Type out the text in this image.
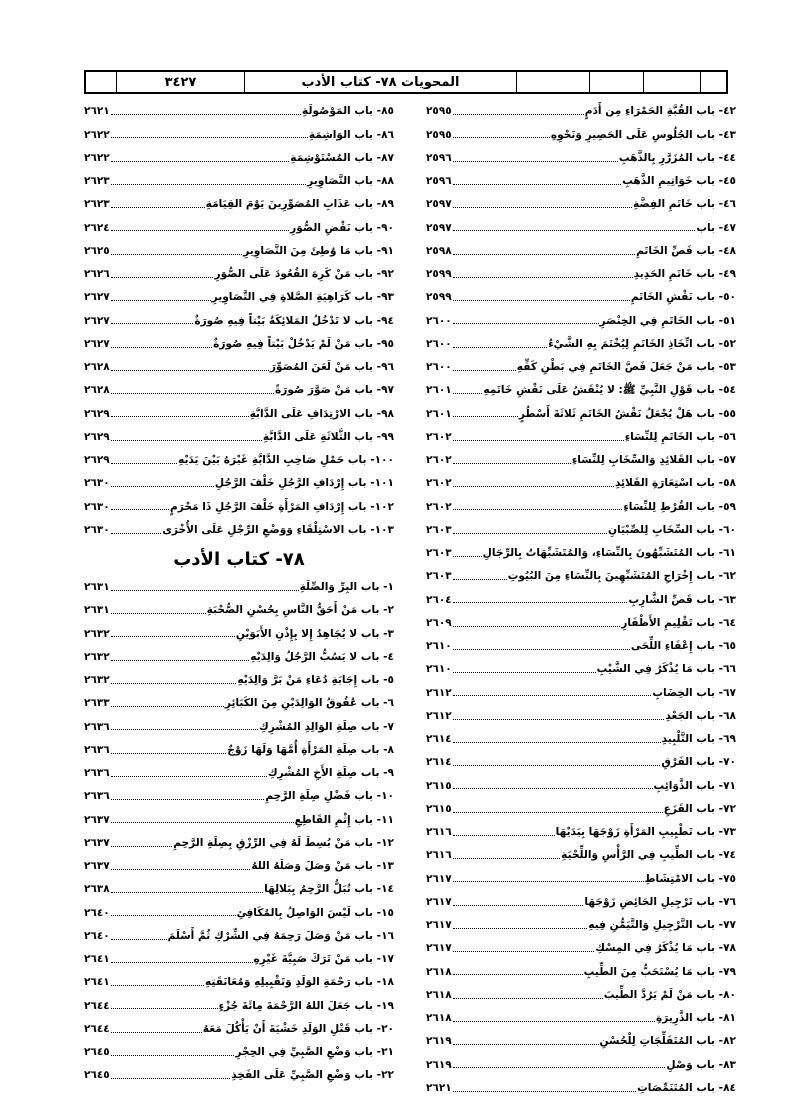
٣٤٢٧	المحويات ٧٨- كتاب الأدب
٤٢- باب القُبَّةِ الحَمْرَاءِ مِن أَدَمٍ
٢٥٩٥
٤٣- باب الجُلُوسِ عَلَى الحَصِيرِ وَنَحْوِهِ
٢٥٩٥
٤٤- باب المُزَرَّرِ بِالذَّهَبِ
٢٥٩٦
٤٥- باب خَوَاتِيمِ الذَّهَبِ
٢٥٩٦
٤٦- باب خَاتَمِ الفِضَّةِ
٢٥٩٧
٤٧- باب
٢٥٩٧
٤٨- باب فَصِّ الخَاتَمِ
٢٥٩٨
٤٩- باب خَاتَمِ الحَدِيدِ
٢٥٩٩
٥٠- باب نَقْشِ الخَاتَمِ
٢٥٩٩
٥١- باب الخَاتَمِ فِي الخِنْصَرِ
٢٦٠٠
٥٢- باب اتِّخَاذِ الخَاتَمِ لِيُخْتَمَ بِهِ الشَّيْءُ
٢٦٠٠
٥٣- باب مَنْ جَعَلَ فَصَّ الخَاتَمِ فِي بَطْنِ كَفِّهِ
٢٦٠٠
٥٤- باب قَوْلِ النَّبِيِّ ﷺ: لا يُنْقَشُ عَلَى نَقْشِ خَاتَمِهِ
٢٦٠١
٥٥- باب هَلْ يُجْعَلُ نَقْشُ الخَاتَمِ ثَلاثَةَ أَسْطُرٍ
٢٦٠١
٥٦- باب الخَاتَمِ لِلنِّسَاءِ
٢٦٠٢
٥٧- باب القَلائِدِ وَالسِّخَابِ لِلنِّسَاءِ
٢٦٠٢
٥٨- باب اسْتِعَارَةِ القَلائِدِ
٢٦٠٢
٥٩- باب القُرْطِ لِلنِّسَاءِ
٢٦٠٢
٦٠- باب السِّخَابِ لِلصِّبْيَانِ
٢٦٠٣
٦١- باب المُتَشَبِّهُونَ بِالنِّسَاءِ، وَالمُتَشَبِّهَاتُ بِالرِّجَالِ
٢٦٠٣
٦٢- باب إِخْرَاجِ المُتَشَبِّهِينَ بِالنِّسَاءِ مِنَ البُيُوتِ
٢٦٠٣
٦٣- باب قَصِّ الشَّارِبِ
٢٦٠٤
٦٤- باب تَقْلِيمِ الأَظْفَارِ
٢٦٠٩
٦٥- باب إِعْفَاءِ اللِّحَى
٢٦١٠
٦٦- باب مَا يُذْكَرُ فِي الشَّيْبِ
٢٦١٠
٦٧- باب الخِضَابِ
٢٦١٢
٦٨- باب الجَعْدِ
٢٦١٢
٦٩- باب التَّلْبِيدِ
٢٦١٤
٧٠- باب الفَرْقِ
٢٦١٤
٧١- باب الذَّوَائِبِ
٢٦١٥
٧٢- باب القَزَعِ
٢٦١٥
٧٣- باب تَطْيِيبِ المَرْأَةِ زَوْجَهَا بِيَدَيْهَا
٢٦١٦
٧٤- باب الطِّيبِ فِي الرَّأْسِ وَاللِّحْيَةِ
٢٦١٦
٧٥- باب الامْتِشَاطِ
٢٦١٧
٧٦- باب تَرْجِيلِ الحَائِضِ زَوْجَهَا
٢٦١٧
٧٧- باب التَّرْجِيلِ وَالتَّيَمُّنِ فِيهِ
٢٦١٧
٧٨- باب مَا يُذْكَرُ فِي المِسْكِ
٢٦١٧
٧٩- باب مَا يُسْتَحَبُّ مِنَ الطِّيبِ
٢٦١٨
٨٠- باب مَنْ لَمْ يَرُدَّ الطِّيبَ
٢٦١٨
٨١- باب الذَّرِيرَةِ
٢٦١٨
٨٢- باب المُتَفَلِّجَاتِ لِلْحُسْنِ
٢٦١٩
٨٣- باب وَصْلِ
٢٦١٩
٨٤- باب المُتَنَمِّصَاتِ
٢٦٢١
٨٥- باب المَوْصُولَةِ
٢٦٢١
٨٦- باب الوَاشِمَةِ
٢٦٢٢
٨٧- باب المُسْتَوْشِمَةِ
٢٦٢٢
٨٨- باب التَّصَاوِيرِ
٢٦٢٣
٨٩- باب عَذَابِ المُصَوِّرِينَ يَوْمَ القِيَامَةِ
٢٦٢٣
٩٠- باب نَقْضِ الصُّوَرِ
٢٦٢٤
٩١- باب مَا وُطِئَ مِنَ التَّصَاوِيرِ
٢٦٢٥
٩٢- باب مَنْ كَرِهَ القُعُودَ عَلَى الصُّوَرِ
٢٦٢٦
٩٣- باب كَرَاهِيَةِ الصَّلاةِ فِي التَّصَاوِيرِ
٢٦٢٧
٩٤- باب لا تَدْخُلُ المَلائِكَةُ بَيْتاً فِيهِ صُورَةٌ
٢٦٢٧
٩٥- باب مَنْ لَمْ يَدْخُلْ بَيْتاً فِيهِ صُورَةٌ
٢٦٢٧
٩٦- باب مَنْ لَعَنَ المُصَوِّرَ
٢٦٢٨
٩٧- باب مَنْ صَوَّرَ صُورَةً
٢٦٢٨
٩٨- باب الارْتِدَافِ عَلَى الدَّابَّةِ
٢٦٢٩
٩٩- باب الثَّلاثَةِ عَلَى الدَّابَّةِ
٢٦٢٩
١٠٠- باب حَمْلِ صَاحِبِ الدَّابَّةِ غَيْرَهُ بَيْنَ يَدَيْهِ
٢٦٢٩
١٠١- باب إِرْدَافِ الرَّجُلِ خَلْفَ الرَّجُلِ
٢٦٣٠
١٠٢- باب إِرْدَافِ المَرْأَةِ خَلْفَ الرَّجُلِ ذَا مَحْرَمٍ
٢٦٣٠
١٠٣- باب الاسْتِلْقَاءِ وَوَضْعِ الرِّجْلِ عَلَى الأُخْرَى
٢٦٣٠
٧٨- كتاب الأدب
١- باب البِرِّ وَالصِّلَةِ
٢٦٣١
٢- باب مَنْ أَحَقُّ النَّاسِ بِحُسْنِ الصُّحْبَةِ
٢٦٣١
٣- باب لا يُجَاهِدُ إِلا بِإِذْنِ الأَبَوَيْنِ
٢٦٣٢
٤- باب لا يَسُبُّ الرَّجُلُ وَالِدَيْهِ
٢٦٣٢
٥- باب إِجَابَةِ دُعَاءِ مَنْ بَرَّ وَالِدَيْهِ
٢٦٣٢
٦- باب عُقُوقُ الوَالِدَيْنِ مِنَ الكَبَائِرِ
٢٦٣٣
٧- باب صِلَةِ الوَالِدِ المُشْرِكِ
٢٦٣٦
٨- باب صِلَةِ المَرْأَةِ أُمَّهَا وَلَهَا زَوْجٌ
٢٦٣٦
٩- باب صِلَةِ الأَخِ المُشْرِكِ
٢٦٣٦
١٠- باب فَضْلِ صِلَةِ الرَّحِمِ
٢٦٣٦
١١- باب إِثْمِ القَاطِعِ
٢٦٣٧
١٢- باب مَنْ بُسِطَ لَهُ فِي الرِّزْقِ بِصِلَةِ الرَّحِمِ
٢٦٣٧
١٣- باب مَنْ وَصَلَ وَصَلَهُ اللهُ
٢٦٣٧
١٤- باب تُبَلُّ الرَّحِمُ بِبَلالِهَا
٢٦٣٨
١٥- باب لَيْسَ الوَاصِلُ بِالمُكَافِئِ
٢٦٤٠
١٦- باب مَنْ وَصَلَ رَحِمَهُ فِي الشِّرْكِ ثُمَّ أَسْلَمَ
٢٦٤٠
١٧- باب مَنْ تَرَكَ صَبِيَّةَ غَيْرِهِ
٢٦٤١
١٨- باب رَحْمَةِ الوَلَدِ وَتَقْبِيلِهِ وَمُعَانَقَتِهِ
٢٦٤١
١٩- باب جَعَلَ اللهُ الرَّحْمَةَ مِائَةَ جُزْءٍ
٢٦٤٤
٢٠- باب قَتْلِ الوَلَدِ خَشْيَةَ أَنْ يَأْكُلَ مَعَهُ
٢٦٤٤
٢١- باب وَضْعِ الصَّبِيِّ فِي الحِجْرِ
٢٦٤٥
٢٢- باب وَضْعِ الصَّبِيِّ عَلَى الفَخِذِ
٢٦٤٥
